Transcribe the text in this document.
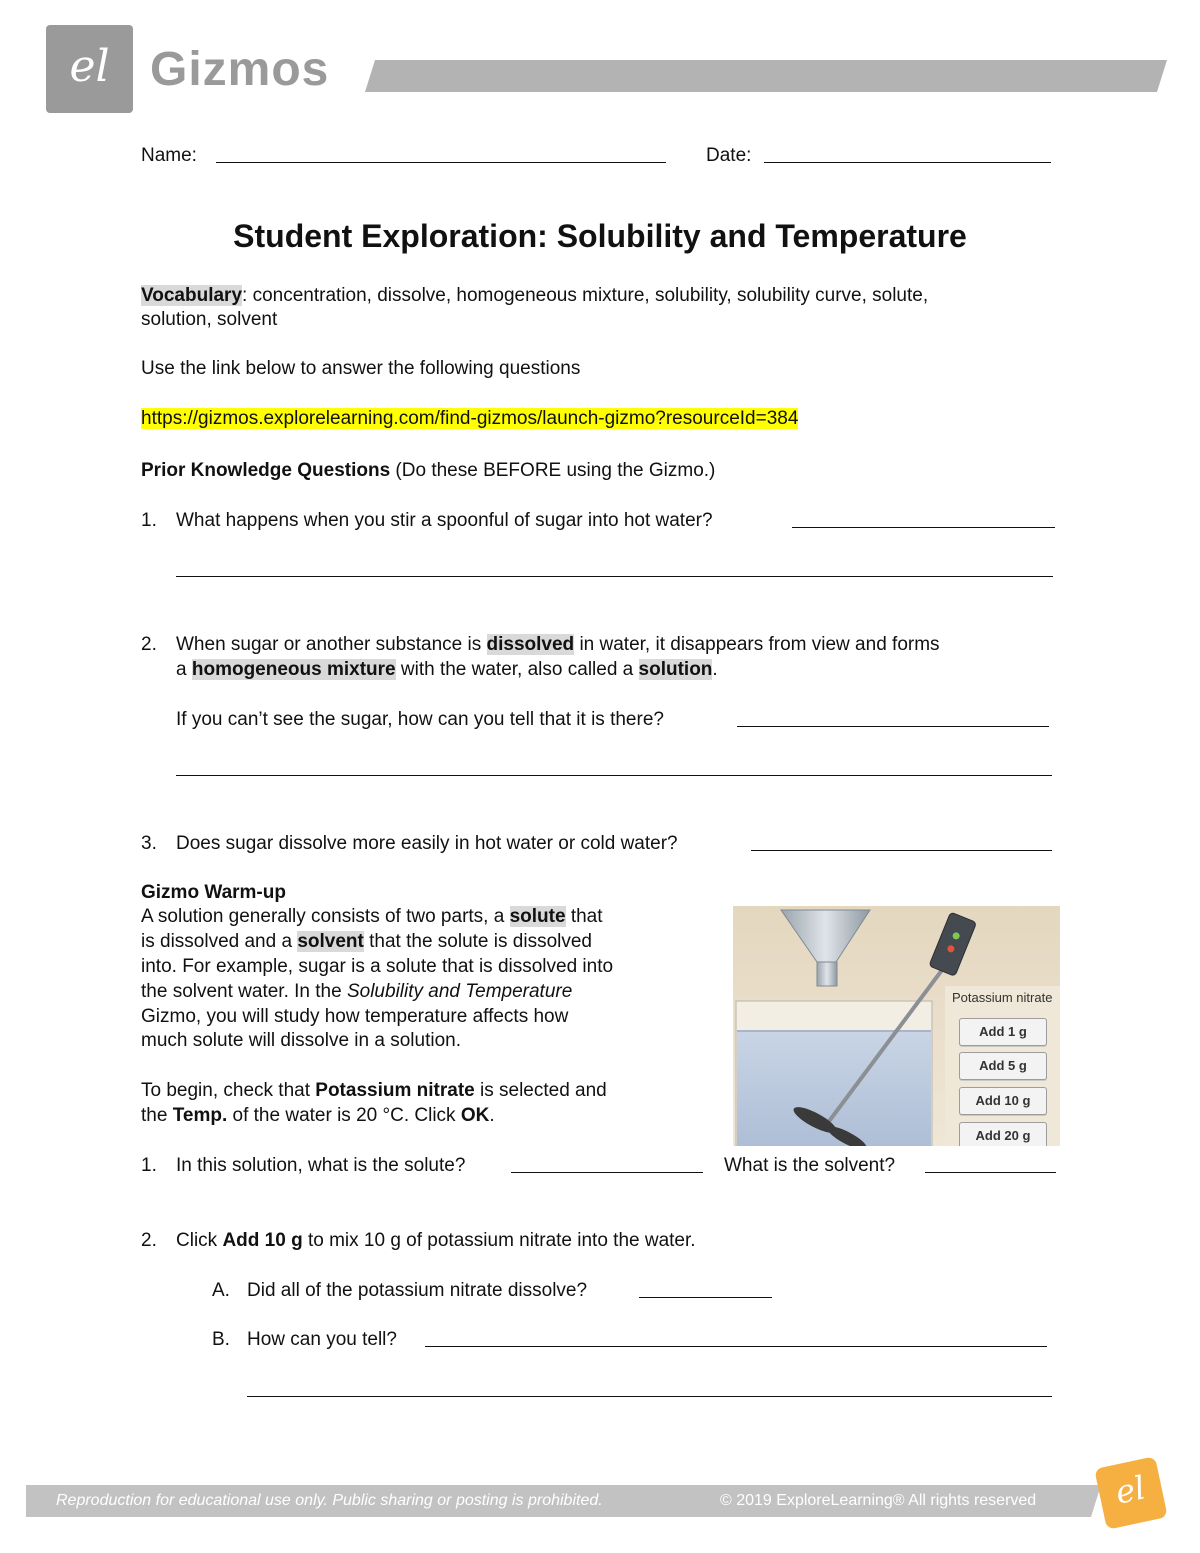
el Gizmos
Name:	Date:
Student Exploration: Solubility and Temperature
Vocabulary: concentration, dissolve, homogeneous mixture, solubility, solubility curve, solute,
solution, solvent
Use the link below to answer the following questions
https://gizmos.explorelearning.com/find-gizmos/launch-gizmo?resourceId=384
Prior Knowledge Questions (Do these BEFORE using the Gizmo.)
1. What happens when you stir a spoonful of sugar into hot water?
2. When sugar or another substance is dissolved in water, it disappears from view and forms
a homogeneous mixture with the water, also called a solution.
If you can’t see the sugar, how can you tell that it is there?
3. Does sugar dissolve more easily in hot water or cold water?
Gizmo Warm-up
A solution generally consists of two parts, a solute that
is dissolved and a solvent that the solute is dissolved
into. For example, sugar is a solute that is dissolved into
the solvent water. In the Solubility and Temperature
Gizmo, you will study how temperature affects how
much solute will dissolve in a solution.
To begin, check that Potassium nitrate is selected and
the Temp. of the water is 20 °C. Click OK.
Potassium nitrate
Add 1 g
Add 5 g
Add 10 g
Add 20 g
1. In this solution, what is the solute?	What is the solvent?
2. Click Add 10 g to mix 10 g of potassium nitrate into the water.
A. Did all of the potassium nitrate dissolve?
B. How can you tell?
Reproduction for educational use only. Public sharing or posting is prohibited.	© 2019 ExploreLearning® All rights reserved	el
